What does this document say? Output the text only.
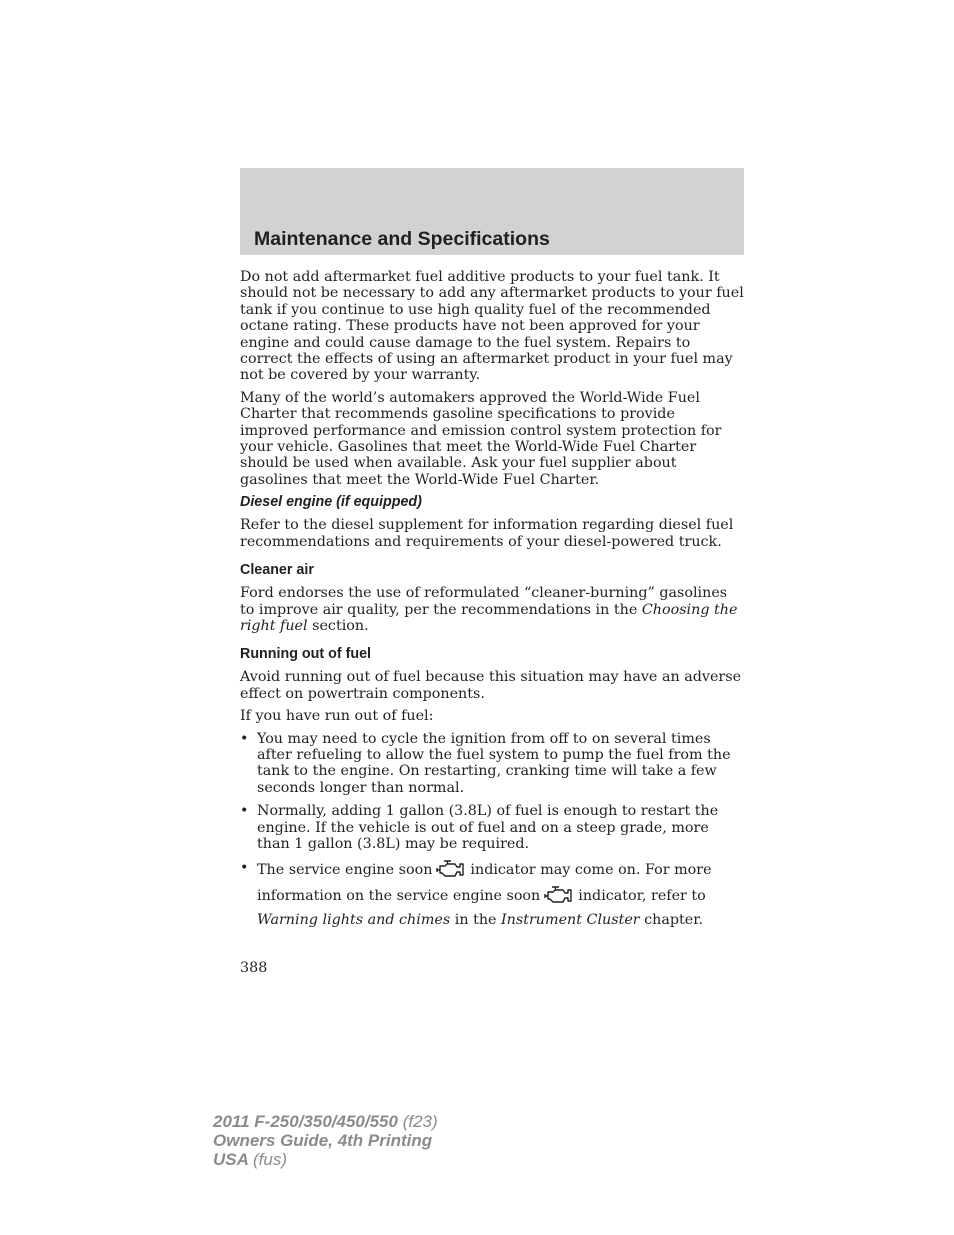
Maintenance and Specifications

Do not add aftermarket fuel additive products to your fuel tank. It should not be necessary to add any aftermarket products to your fuel tank if you continue to use high quality fuel of the recommended octane rating. These products have not been approved for your engine and could cause damage to the fuel system. Repairs to correct the effects of using an aftermarket product in your fuel may not be covered by your warranty.

Many of the world’s automakers approved the World-Wide Fuel Charter that recommends gasoline specifications to provide improved performance and emission control system protection for your vehicle. Gasolines that meet the World-Wide Fuel Charter should be used when available. Ask your fuel supplier about gasolines that meet the World-Wide Fuel Charter.

Diesel engine (if equipped)

Refer to the diesel supplement for information regarding diesel fuel recommendations and requirements of your diesel-powered truck.

Cleaner air

Ford endorses the use of reformulated “cleaner-burning” gasolines to improve air quality, per the recommendations in the Choosing the right fuel section.

Running out of fuel

Avoid running out of fuel because this situation may have an adverse effect on powertrain components.

If you have run out of fuel:

• You may need to cycle the ignition from off to on several times after refueling to allow the fuel system to pump the fuel from the tank to the engine. On restarting, cranking time will take a few seconds longer than normal.
• Normally, adding 1 gallon (3.8L) of fuel is enough to restart the engine. If the vehicle is out of fuel and on a steep grade, more than 1 gallon (3.8L) may be required.
• The service engine soon	indicator may come on. For more information on the service engine soon	indicator, refer to Warning lights and chimes in the Instrument Cluster chapter.
388
2011 F-250/350/450/550 (f23)
Owners Guide, 4th Printing
USA (fus)
